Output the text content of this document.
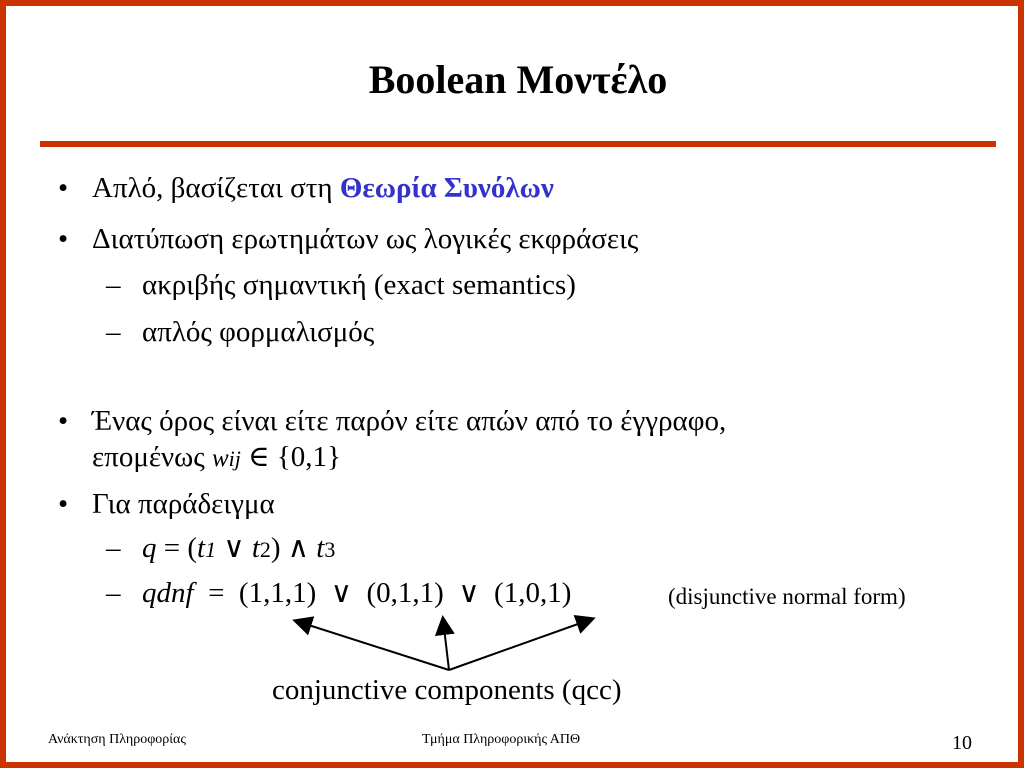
Boolean Μοντέλο
• Απλό, βασίζεται στη Θεωρία Συνόλων
• Διατύπωση ερωτημάτων ως λογικές εκφράσεις
– ακριβής σημαντική (exact semantics)
– απλός φορμαλισμός
• Ένας όρος είναι είτε παρόν είτε απών από το έγγραφο,
επομένως wij ∈ {0,1}
• Για παράδειγμα
– q = (t1 ∨ t2) ∧ t3
– qdnf  =  (1,1,1)  ∨  (0,1,1)  ∨  (1,0,1)	(disjunctive normal form)
conjunctive components (qcc)
Ανάκτηση Πληροφορίας	Τμήμα Πληροφορικής ΑΠΘ	10
